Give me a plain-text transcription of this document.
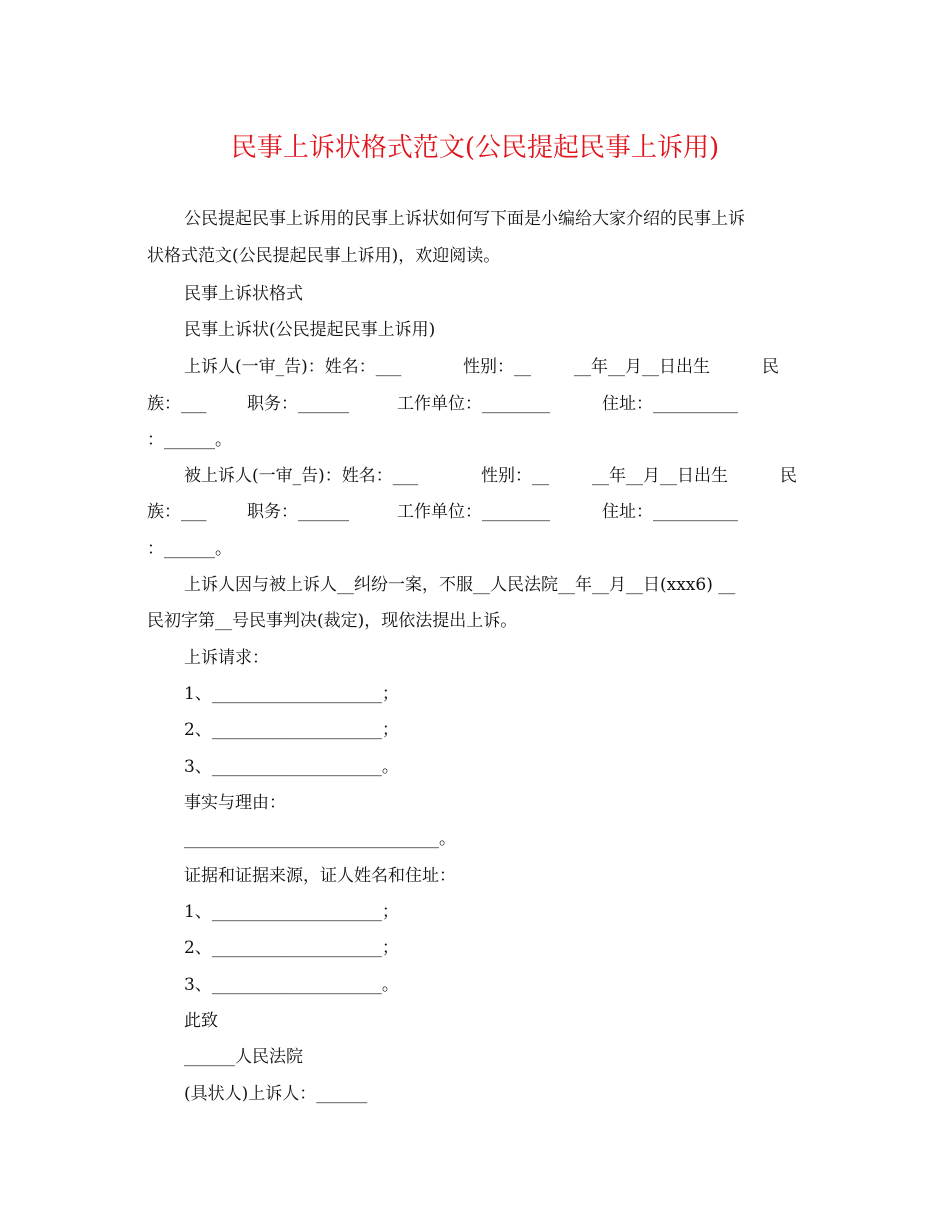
民事上诉状格式范文(公民提起民事上诉用)
公民提起民事上诉用的民事上诉状如何写下面是小编给大家介绍的民事上诉
状格式范文(公民提起民事上诉用)，欢迎阅读。
民事上诉状格式
民事上诉状(公民提起民事上诉用)
上诉人(一审_告)：姓名：___	性别：__	__年__月__日出生	民
族：___ 职务：______	工作单位：________	住址：__________
：______。
被上诉人(一审_告)：姓名：___	性别：__	__年__月__日出生	民
族：___ 职务：______	工作单位：________	住址：__________
：______。
上诉人因与被上诉人__纠纷一案，不服__人民法院__年__月__日(xxx6) __
民初字第__号民事判决(裁定)，现依法提出上诉。
上诉请求：
1、____________________；
2、____________________；
3、____________________。
事实与理由：
______________________________。
证据和证据来源，证人姓名和住址：
1、____________________；
2、____________________；
3、____________________。
此致
______人民法院
(具状人)上诉人：______
